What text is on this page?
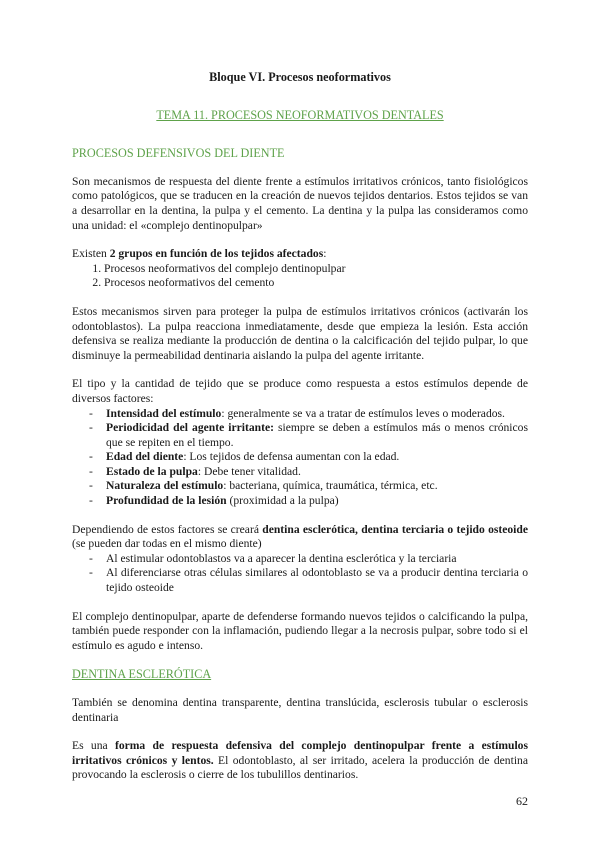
Bloque VI. Procesos neoformativos
TEMA 11. PROCESOS NEOFORMATIVOS DENTALES
PROCESOS DEFENSIVOS DEL DIENTE

Son mecanismos de respuesta del diente frente a estímulos irritativos crónicos, tanto fisiológicos como patológicos, que se traducen en la creación de nuevos tejidos dentarios. Estos tejidos se van a desarrollar en la dentina, la pulpa y el cemento. La dentina y la pulpa las consideramos como una unidad: el «complejo dentinopulpar»

Existen 2 grupos en función de los tejidos afectados:

1. Procesos neoformativos del complejo dentinopulpar
2. Procesos neoformativos del cemento

Estos mecanismos sirven para proteger la pulpa de estímulos irritativos crónicos (activarán los odontoblastos). La pulpa reacciona inmediatamente, desde que empieza la lesión. Esta acción defensiva se realiza mediante la producción de dentina o la calcificación del tejido pulpar, lo que disminuye la permeabilidad dentinaria aislando la pulpa del agente irritante.

El tipo y la cantidad de tejido que se produce como respuesta a estos estímulos depende de diversos factores:

- Intensidad del estímulo: generalmente se va a tratar de estímulos leves o moderados.
- Periodicidad del agente irritante: siempre se deben a estímulos más o menos crónicos que se repiten en el tiempo.
- Edad del diente: Los tejidos de defensa aumentan con la edad.
- Estado de la pulpa: Debe tener vitalidad.
- Naturaleza del estímulo: bacteriana, química, traumática, térmica, etc.
- Profundidad de la lesión (proximidad a la pulpa)

Dependiendo de estos factores se creará dentina esclerótica, dentina terciaria o tejido osteoide (se pueden dar todas en el mismo diente)

- Al estimular odontoblastos va a aparecer la dentina esclerótica y la terciaria
- Al diferenciarse otras células similares al odontoblasto se va a producir dentina terciaria o tejido osteoide

El complejo dentinopulpar, aparte de defenderse formando nuevos tejidos o calcificando la pulpa, también puede responder con la inflamación, pudiendo llegar a la necrosis pulpar, sobre todo si el estímulo es agudo e intenso.

DENTINA ESCLERÓTICA

También se denomina dentina transparente, dentina translúcida, esclerosis tubular o esclerosis dentinaria

Es una forma de respuesta defensiva del complejo dentinopulpar frente a estímulos irritativos crónicos y lentos. El odontoblasto, al ser irritado, acelera la producción de dentina provocando la esclerosis o cierre de los tubulillos dentinarios.

62
